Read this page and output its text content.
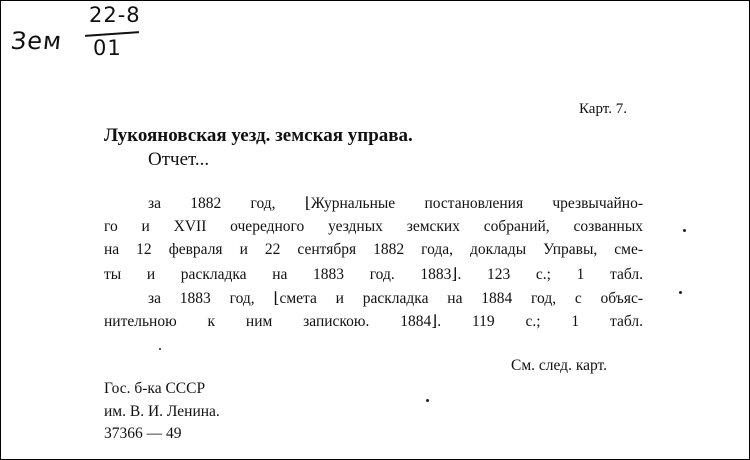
Зем
22-8
01
Карт. 7.
Лукояновская уезд. земская управа.
Отчет...
за 1882 год, ⌊Журнальные постановления чрезвычайно-
го и XVII очередного уездных земских собраний, созванных
на 12 февраля и 22 сентября 1882 года, доклады Управы, сме-
ты и раскладка на 1883 год. 1883⌋. 123 с.; 1 табл.
за 1883 год, ⌊смета и раскладка на 1884 год, с объяс-
нительною к ним запискою. 1884⌋. 119 с.; 1 табл.
См. след. карт.
Гос. б-ка СССР
им. В. И. Ленина.
37366 — 49
